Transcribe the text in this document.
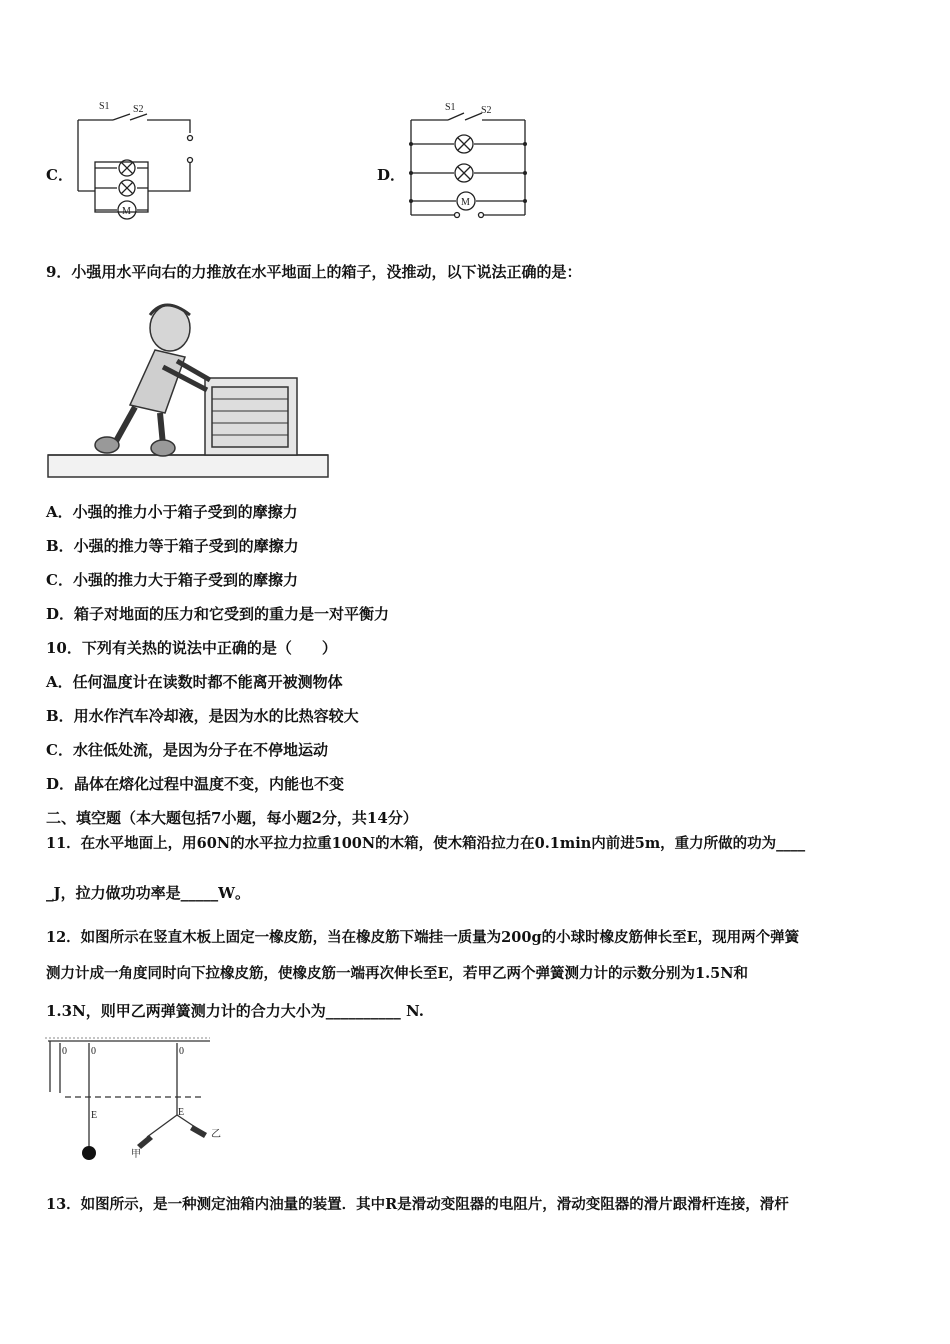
C．
M
S1 S2
D．
M
S1	S2
9．小强用水平向右的力推放在水平地面上的箱子，没推动，以下说法正确的是：
A．小强的推力小于箱子受到的摩擦力
B．小强的推力等于箱子受到的摩擦力
C．小强的推力大于箱子受到的摩擦力
D．箱子对地面的压力和它受到的重力是一对平衡力
10．下列有关热的说法中正确的是（　　）
A．任何温度计在读数时都不能离开被测物体
B．用水作汽车冷却液，是因为水的比热容较大
C．水往低处流，是因为分子在不停地运动
D．晶体在熔化过程中温度不变，内能也不变
二、填空题（本大题包括7小题，每小题2分，共14分）
11．在水平地面上，用60N的水平拉力拉重100N的木箱，使木箱沿拉力在0.1min内前进5m，重力所做的功为____
_J，拉力做功功率是_____W。
12．如图所示在竖直木板上固定一橡皮筋，当在橡皮筋下端挂一质量为200g的小球时橡皮筋伸长至E，现用两个弹簧
测力计成一角度同时向下拉橡皮筋，使橡皮筋一端再次伸长至E，若甲乙两个弹簧测力计的示数分别为1.5N和
1.3N，则甲乙两弹簧测力计的合力大小为__________ N.
0 0	0
E	E
甲
乙
13．如图所示，是一种测定油箱内油量的装置．其中R是滑动变阻器的电阻片，滑动变阻器的滑片跟滑杆连接，滑杆
